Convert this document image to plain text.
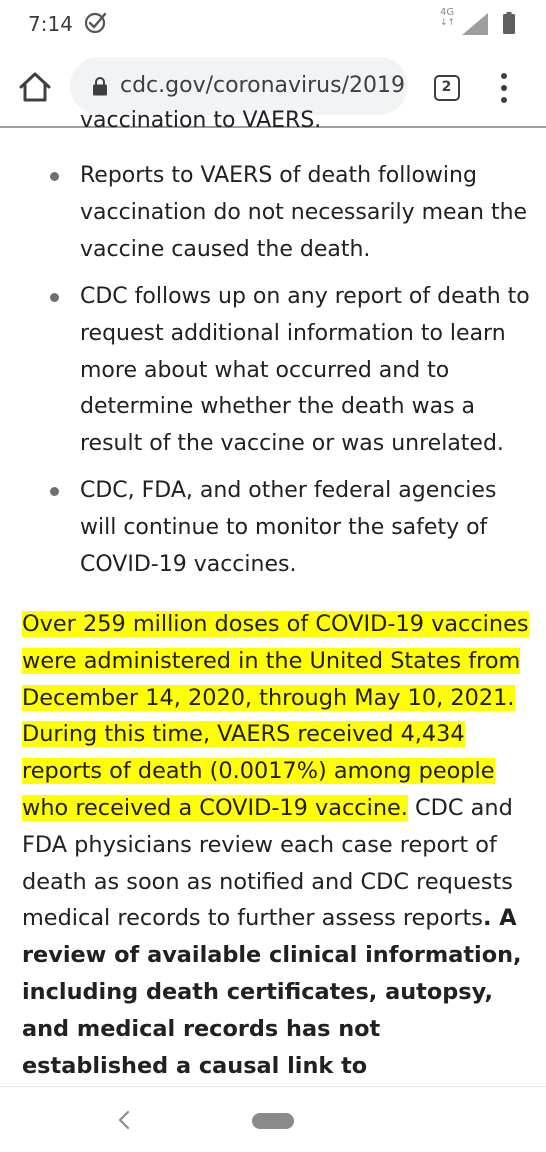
7:14	4G
↓↑
cdc.gov/coronavirus/2019	2
vaccination to VAERS.
Reports to VAERS of death following vaccination do not necessarily mean the vaccine caused the death.
CDC follows up on any report of death to request additional information to learn more about what occurred and to determine whether the death was a result of the vaccine or was unrelated.
CDC, FDA, and other federal agencies will continue to monitor the safety of COVID-19 vaccines.

Over 259 million doses of COVID-19 vaccines were administered in the United States from December 14, 2020, through May 10, 2021. During this time, VAERS received 4,434 reports of death (0.0017%) among people who received a COVID-19 vaccine. CDC and FDA physicians review each case report of death as soon as notified and CDC requests medical records to further assess reports. A review of available clinical information, including death certificates, autopsy, and medical records has not established a causal link to
